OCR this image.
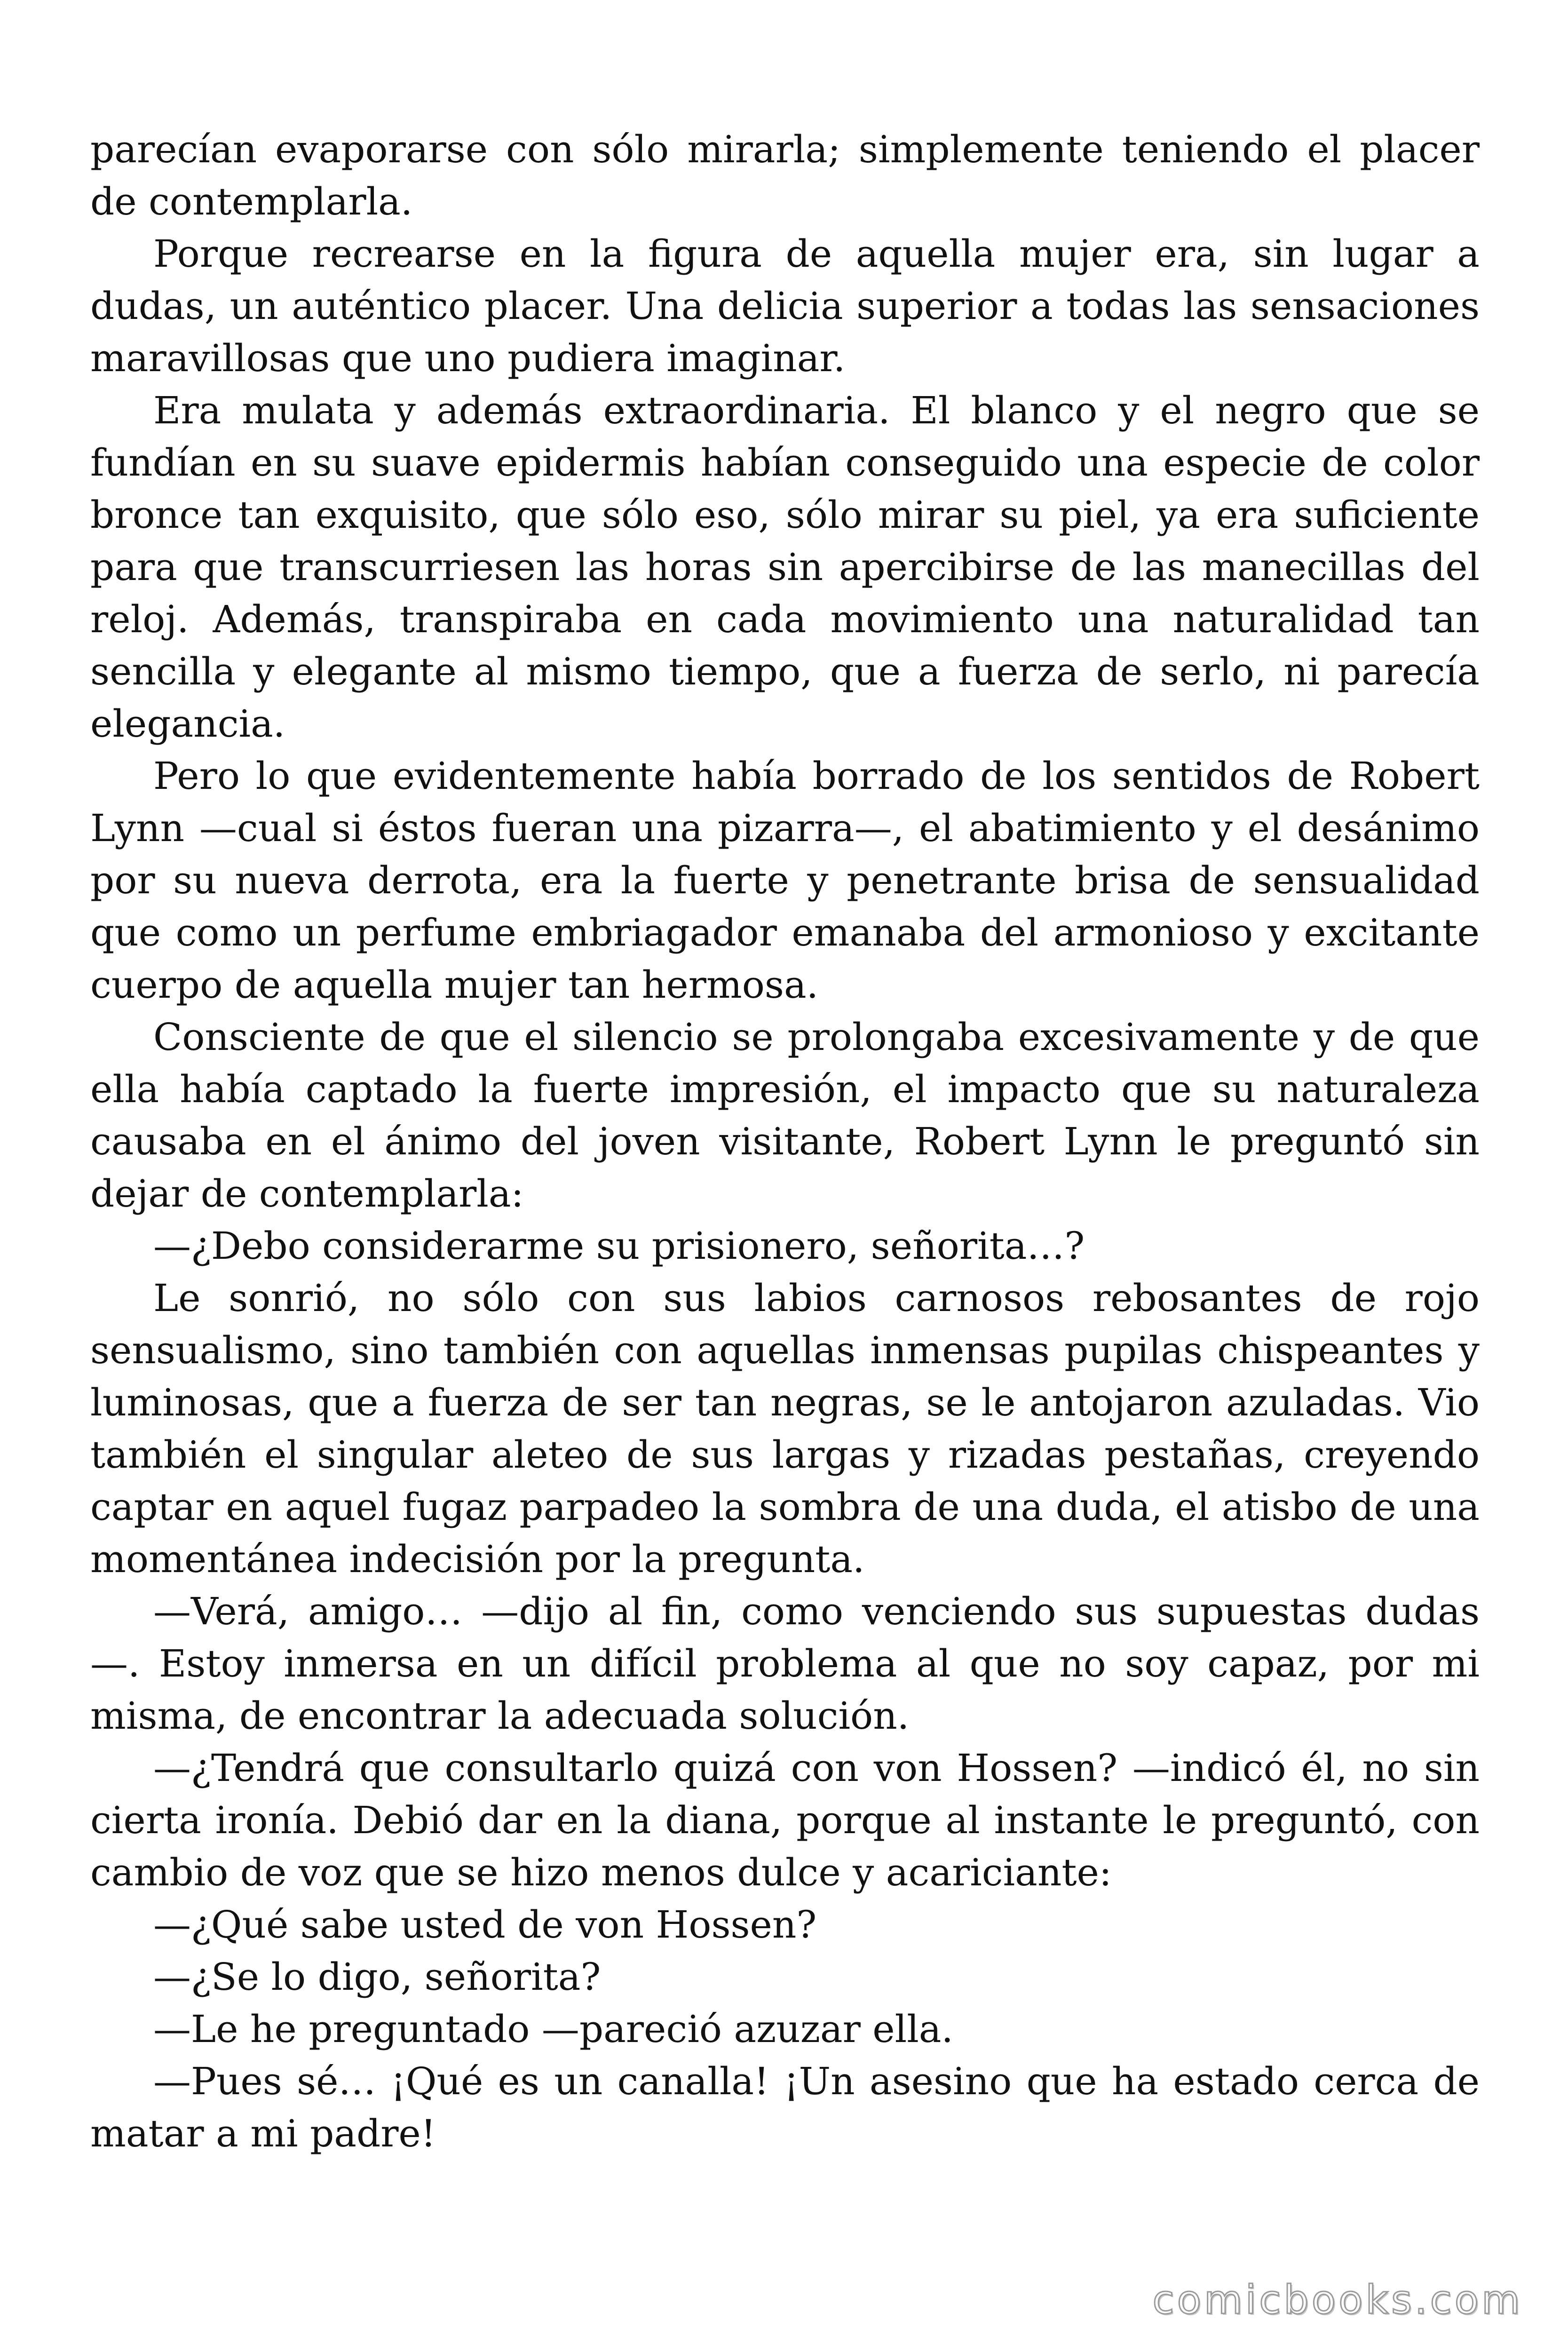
parecían evaporarse con sólo mirarla; simplemente teniendo el placer de contemplarla.

Porque recrearse en la figura de aquella mujer era, sin lugar a dudas, un auténtico placer. Una delicia superior a todas las sensaciones maravillosas que uno pudiera imaginar.

Era mulata y además extraordinaria. El blanco y el negro que se fundían en su suave epidermis habían conseguido una especie de color bronce tan exquisito, que sólo eso, sólo mirar su piel, ya era suficiente para que transcurriesen las horas sin apercibirse de las manecillas del reloj. Además, transpiraba en cada movimiento una naturalidad tan sencilla y elegante al mismo tiempo, que a fuerza de serlo, ni parecía elegancia.

Pero lo que evidentemente había borrado de los sentidos de Robert Lynn —cual si éstos fueran una pizarra—, el abatimiento y el desánimo por su nueva derrota, era la fuerte y penetrante brisa de sensualidad que como un perfume embriagador emanaba del armonioso y excitante cuerpo de aquella mujer tan hermosa.

Consciente de que el silencio se prolongaba excesivamente y de que ella había captado la fuerte impresión, el impacto que su naturaleza causaba en el ánimo del joven visitante, Robert Lynn le preguntó sin dejar de contemplarla:

—¿Debo considerarme su prisionero, señorita…?

Le sonrió, no sólo con sus labios carnosos rebosantes de rojo sensualismo, sino también con aquellas inmensas pupilas chispeantes y luminosas, que a fuerza de ser tan negras, se le antojaron azuladas. Vio también el singular aleteo de sus largas y rizadas pestañas, creyendo captar en aquel fugaz parpadeo la sombra de una duda, el atisbo de una momentánea indecisión por la pregunta.

—Verá, amigo… —dijo al fin, como venciendo sus supuestas dudas —. Estoy inmersa en un difícil problema al que no soy capaz, por mi misma, de encontrar la adecuada solución.

—¿Tendrá que consultarlo quizá con von Hossen? —indicó él, no sin cierta ironía. Debió dar en la diana, porque al instante le preguntó, con cambio de voz que se hizo menos dulce y acariciante:

—¿Qué sabe usted de von Hossen?

—¿Se lo digo, señorita?

—Le he preguntado —pareció azuzar ella.

—Pues sé… ¡Qué es un canalla! ¡Un asesino que ha estado cerca de matar a mi padre!

comicbooks.com
